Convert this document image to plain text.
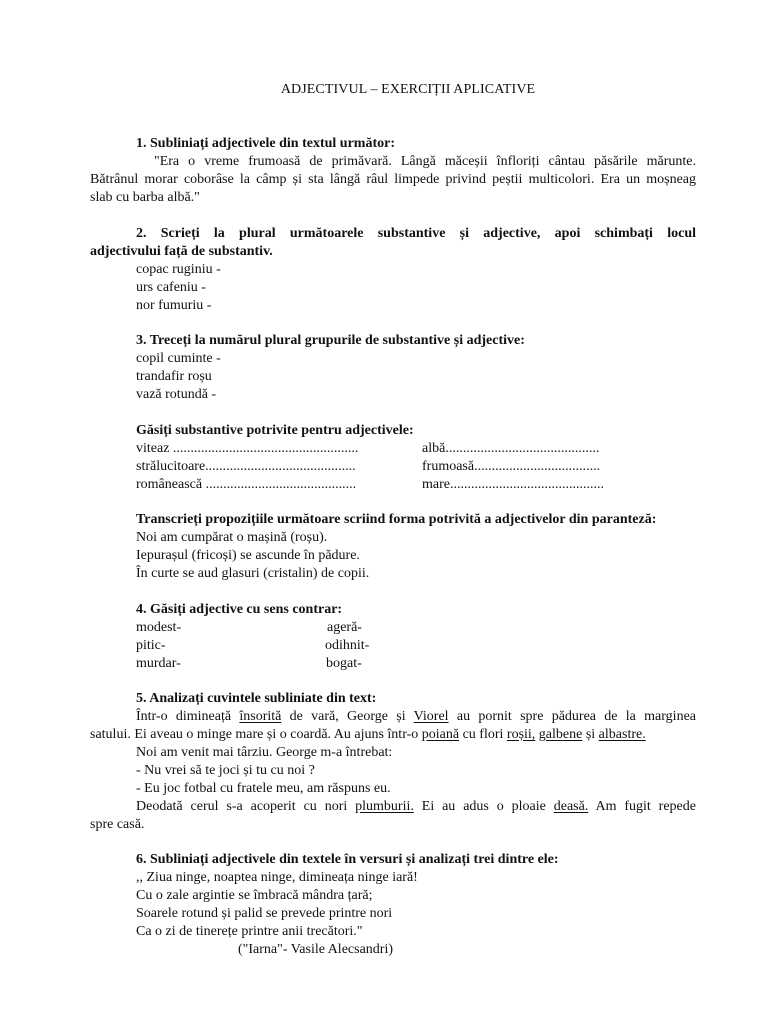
ADJECTIVUL – EXERCIȚII APLICATIVE
1. Subliniați adjectivele din textul următor:
"Era o vreme frumoasă de primăvară. Lângă măceșii înfloriți cântau păsările mărunte.
Bătrânul morar coborâse la câmp și sta lângă râul limpede privind peștii multicolori. Era un moșneag
slab cu barba albă."
2. Scrieți la plural următoarele substantive și adjective, apoi schimbați locul
adjectivului față de substantiv.
copac ruginiu -
urs cafeniu -
nor fumuriu -
3. Treceți la numărul plural grupurile de substantive și adjective:
copil cuminte -
trandafir roșu
vază rotundă -
Găsiți substantive potrivite pentru adjectivele:
viteaz .....................................................
strălucitoare...........................................
românească ...........................................
albă............................................
frumoasă....................................
mare............................................
Transcrieți propozițiile următoare scriind forma potrivită a adjectivelor din paranteză:
Noi am cumpărat o mașină (roșu).
Iepurașul (fricoși) se ascunde în pădure.
În curte se aud glasuri (cristalin) de copii.
4. Găsiți adjective cu sens contrar:
modest-
pitic-
murdar-
ageră-
odihnit-
bogat-
5. Analizați cuvintele subliniate din text:
Într-o dimineață însorită de vară, George și Viorel au pornit spre pădurea de la marginea
satului. Ei aveau o minge mare și o coardă. Au ajuns într-o poiană cu flori roșii, galbene și albastre.
Noi am venit mai târziu. George m-a întrebat:
- Nu vrei să te joci și tu cu noi ?
- Eu joc fotbal cu fratele meu, am răspuns eu.
Deodată cerul s-a acoperit cu nori plumburii. Ei au adus o ploaie deasă. Am fugit repede
spre casă.
6. Subliniați adjectivele din textele în versuri și analizați trei dintre ele:
,, Ziua ninge, noaptea ninge, dimineața ninge iară!
Cu o zale argintie se îmbracă mândra țară;
Soarele rotund și palid se prevede printre nori
Ca o zi de tinerețe printre anii trecători."
("Iarna"- Vasile Alecsandri)
